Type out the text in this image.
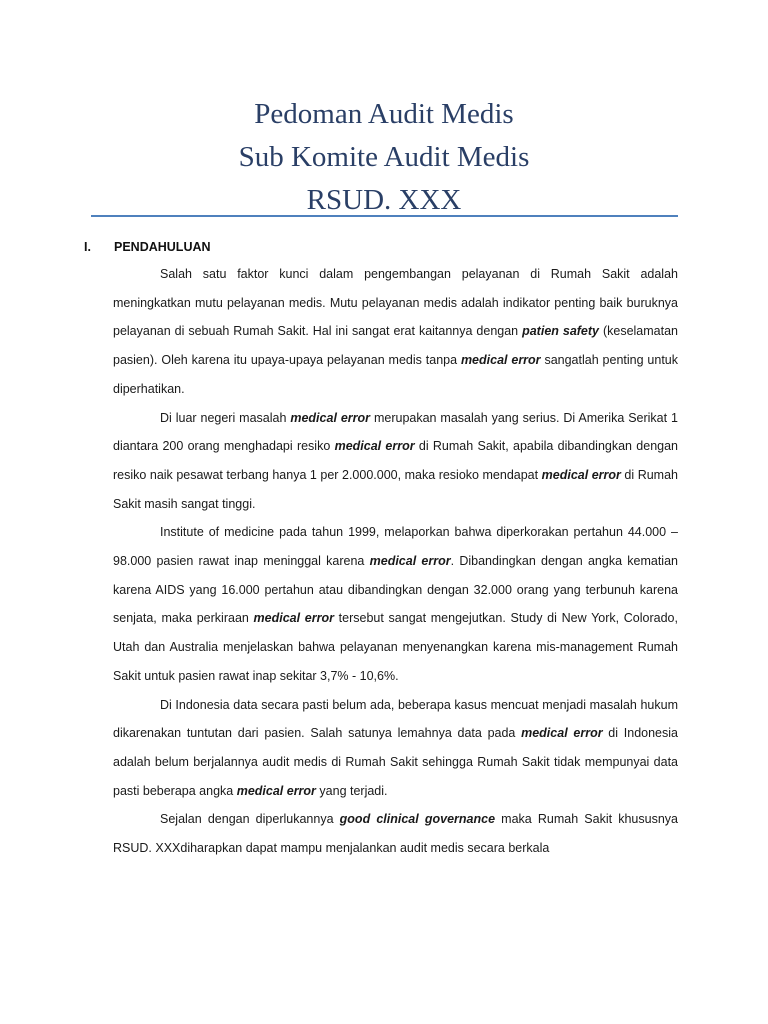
Pedoman Audit Medis
Sub Komite Audit Medis
RSUD. XXX
I. PENDAHULUAN

Salah satu faktor kunci dalam pengembangan pelayanan di Rumah Sakit adalah meningkatkan mutu pelayanan medis. Mutu pelayanan medis adalah indikator penting baik buruknya pelayanan di sebuah Rumah Sakit. Hal ini sangat erat kaitannya dengan patien safety (keselamatan pasien). Oleh karena itu upaya-upaya pelayanan medis tanpa medical error sangatlah penting untuk diperhatikan.

Di luar negeri masalah medical error merupakan masalah yang serius. Di Amerika Serikat 1 diantara 200 orang menghadapi resiko medical error di Rumah Sakit, apabila dibandingkan dengan resiko naik pesawat terbang hanya 1 per 2.000.000, maka resioko mendapat medical error di Rumah Sakit masih sangat tinggi.

Institute of medicine pada tahun 1999, melaporkan bahwa diperkorakan pertahun 44.000 – 98.000 pasien rawat inap meninggal karena medical error. Dibandingkan dengan angka kematian karena AIDS yang 16.000 pertahun atau dibandingkan dengan 32.000 orang yang terbunuh karena senjata, maka perkiraan medical error tersebut sangat mengejutkan. Study di New York, Colorado, Utah dan Australia menjelaskan bahwa pelayanan menyenangkan karena mis-management Rumah Sakit untuk pasien rawat inap sekitar 3,7% - 10,6%.

Di Indonesia data secara pasti belum ada, beberapa kasus mencuat menjadi masalah hukum dikarenakan tuntutan dari pasien. Salah satunya lemahnya data pada medical error di Indonesia adalah belum berjalannya audit medis di Rumah Sakit sehingga Rumah Sakit tidak mempunyai data pasti beberapa angka medical error yang terjadi.

Sejalan dengan diperlukannya good clinical governance maka Rumah Sakit khususnya RSUD. XXXdiharapkan dapat mampu menjalankan audit medis secara berkala
